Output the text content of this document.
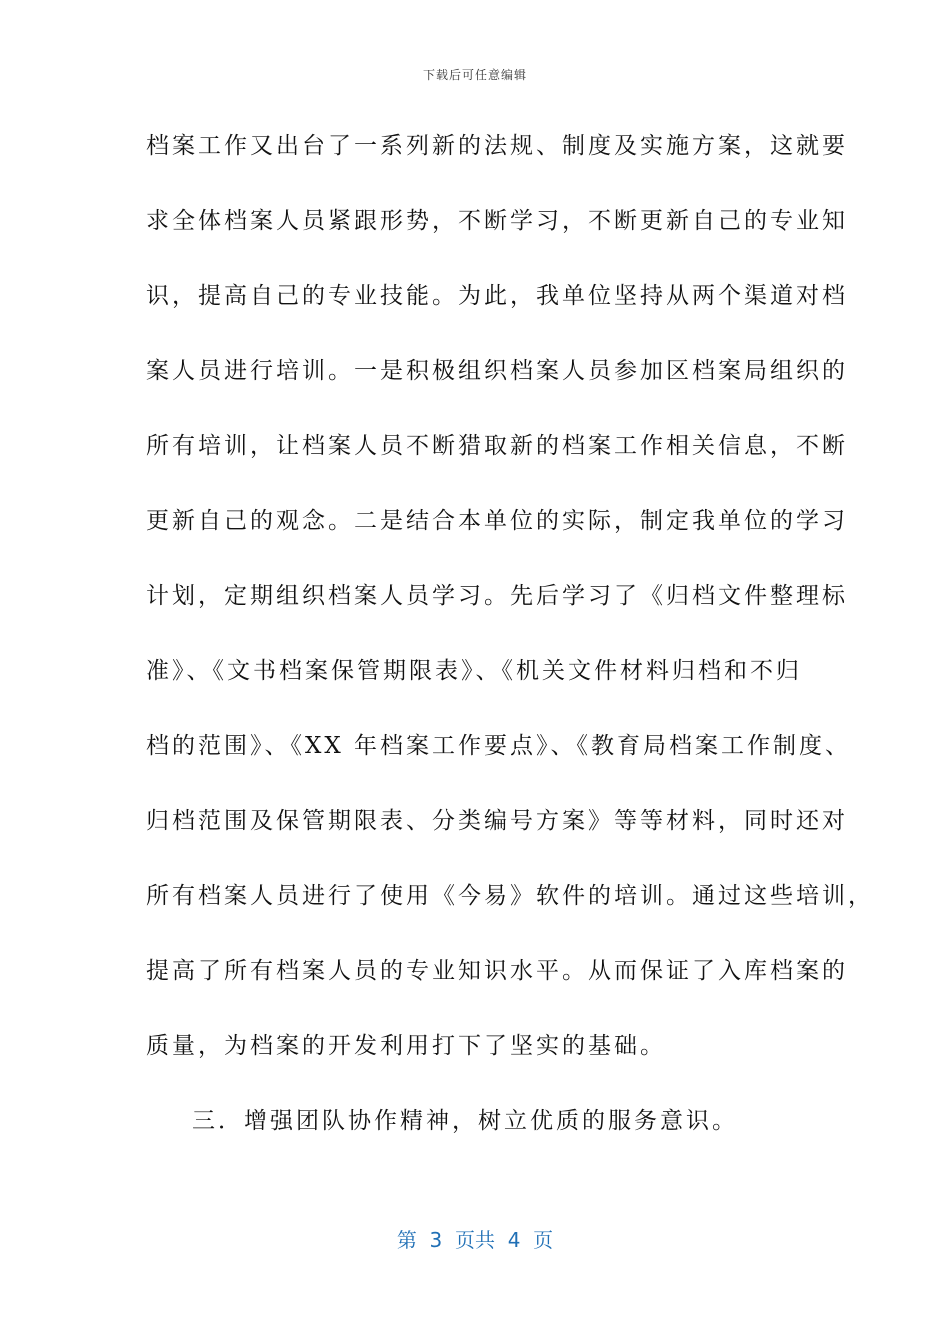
下载后可任意编辑
档案工作又出台了一系列新的法规、制度及实施方案，这就要
求全体档案人员紧跟形势，不断学习，不断更新自己的专业知
识，提高自己的专业技能。为此，我单位坚持从两个渠道对档
案人员进行培训。一是积极组织档案人员参加区档案局组织的
所有培训，让档案人员不断猎取新的档案工作相关信息，不断
更新自己的观念。二是结合本单位的实际，制定我单位的学习
计划，定期组织档案人员学习。先后学习了《归档文件整理标
准》、《文书档案保管期限表》、《机关文件材料归档和不归
档的范围》、《XX 年档案工作要点》、《教育局档案工作制度、
归档范围及保管期限表、分类编号方案》等等材料，同时还对
所有档案人员进行了使用《今易》软件的培训。通过这些培训，
提高了所有档案人员的专业知识水平。从而保证了入库档案的
质量，为档案的开发利用打下了坚实的基础。
三．增强团队协作精神，树立优质的服务意识。
第  3  页共  4  页
